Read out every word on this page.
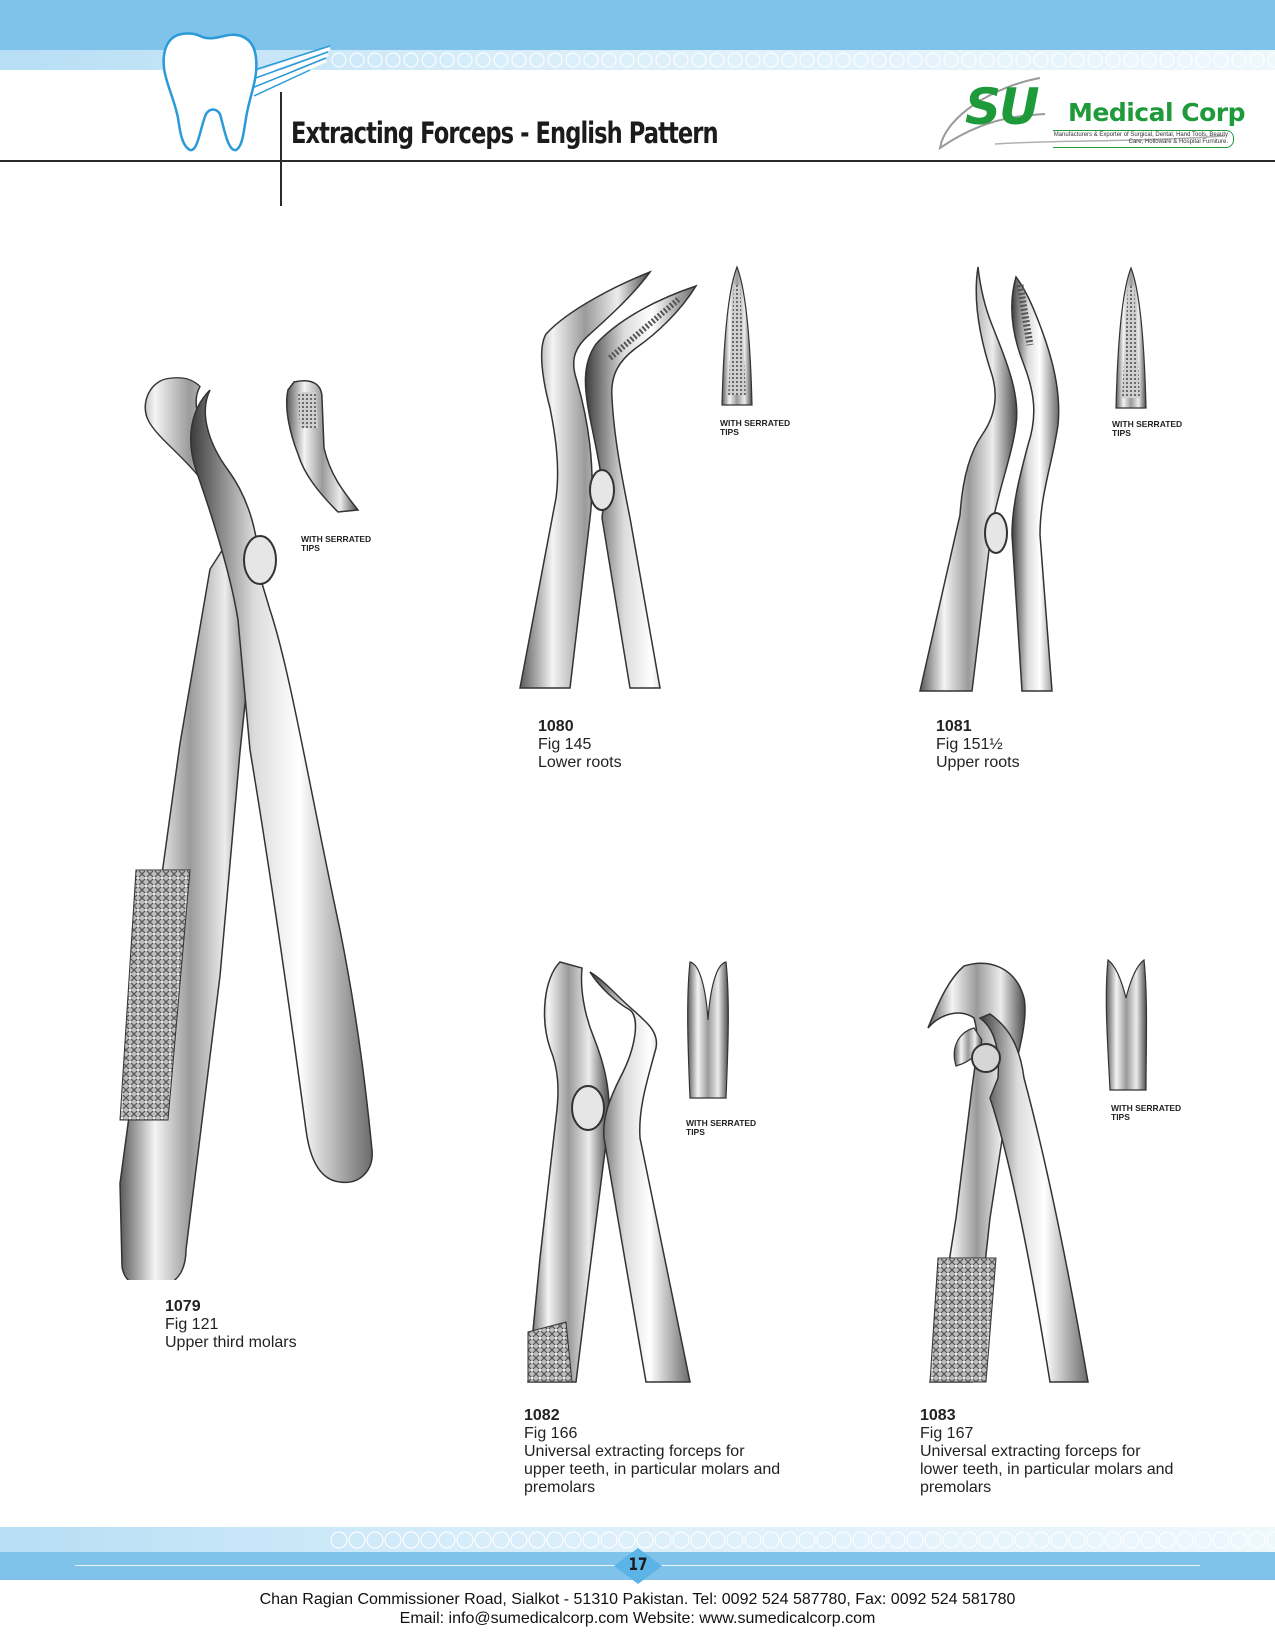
Extracting Forceps - English Pattern	SU Medical Corp
Manufacturers & Exporter of Surgical, Dental, Hand Tools, Beauty Care, Holloware & Hospital Furniture.
WITH SERRATED
TIPS
1079
Fig 121
Upper third molars
WITH SERRATED
TIPS
1080
Fig 145
Lower roots
WITH SERRATED
TIPS
1081
Fig 151½
Upper roots
WITH SERRATED
TIPS
1082
Fig 166
Universal extracting forceps for upper teeth, in particular molars and premolars
WITH SERRATED
TIPS
1083
Fig 167
Universal extracting forceps for lower teeth, in particular molars and premolars
17
Chan Ragian Commissioner Road, Sialkot - 51310 Pakistan. Tel: 0092 524 587780, Fax: 0092 524 581780
Email: info@sumedicalcorp.com Website: www.sumedicalcorp.com
